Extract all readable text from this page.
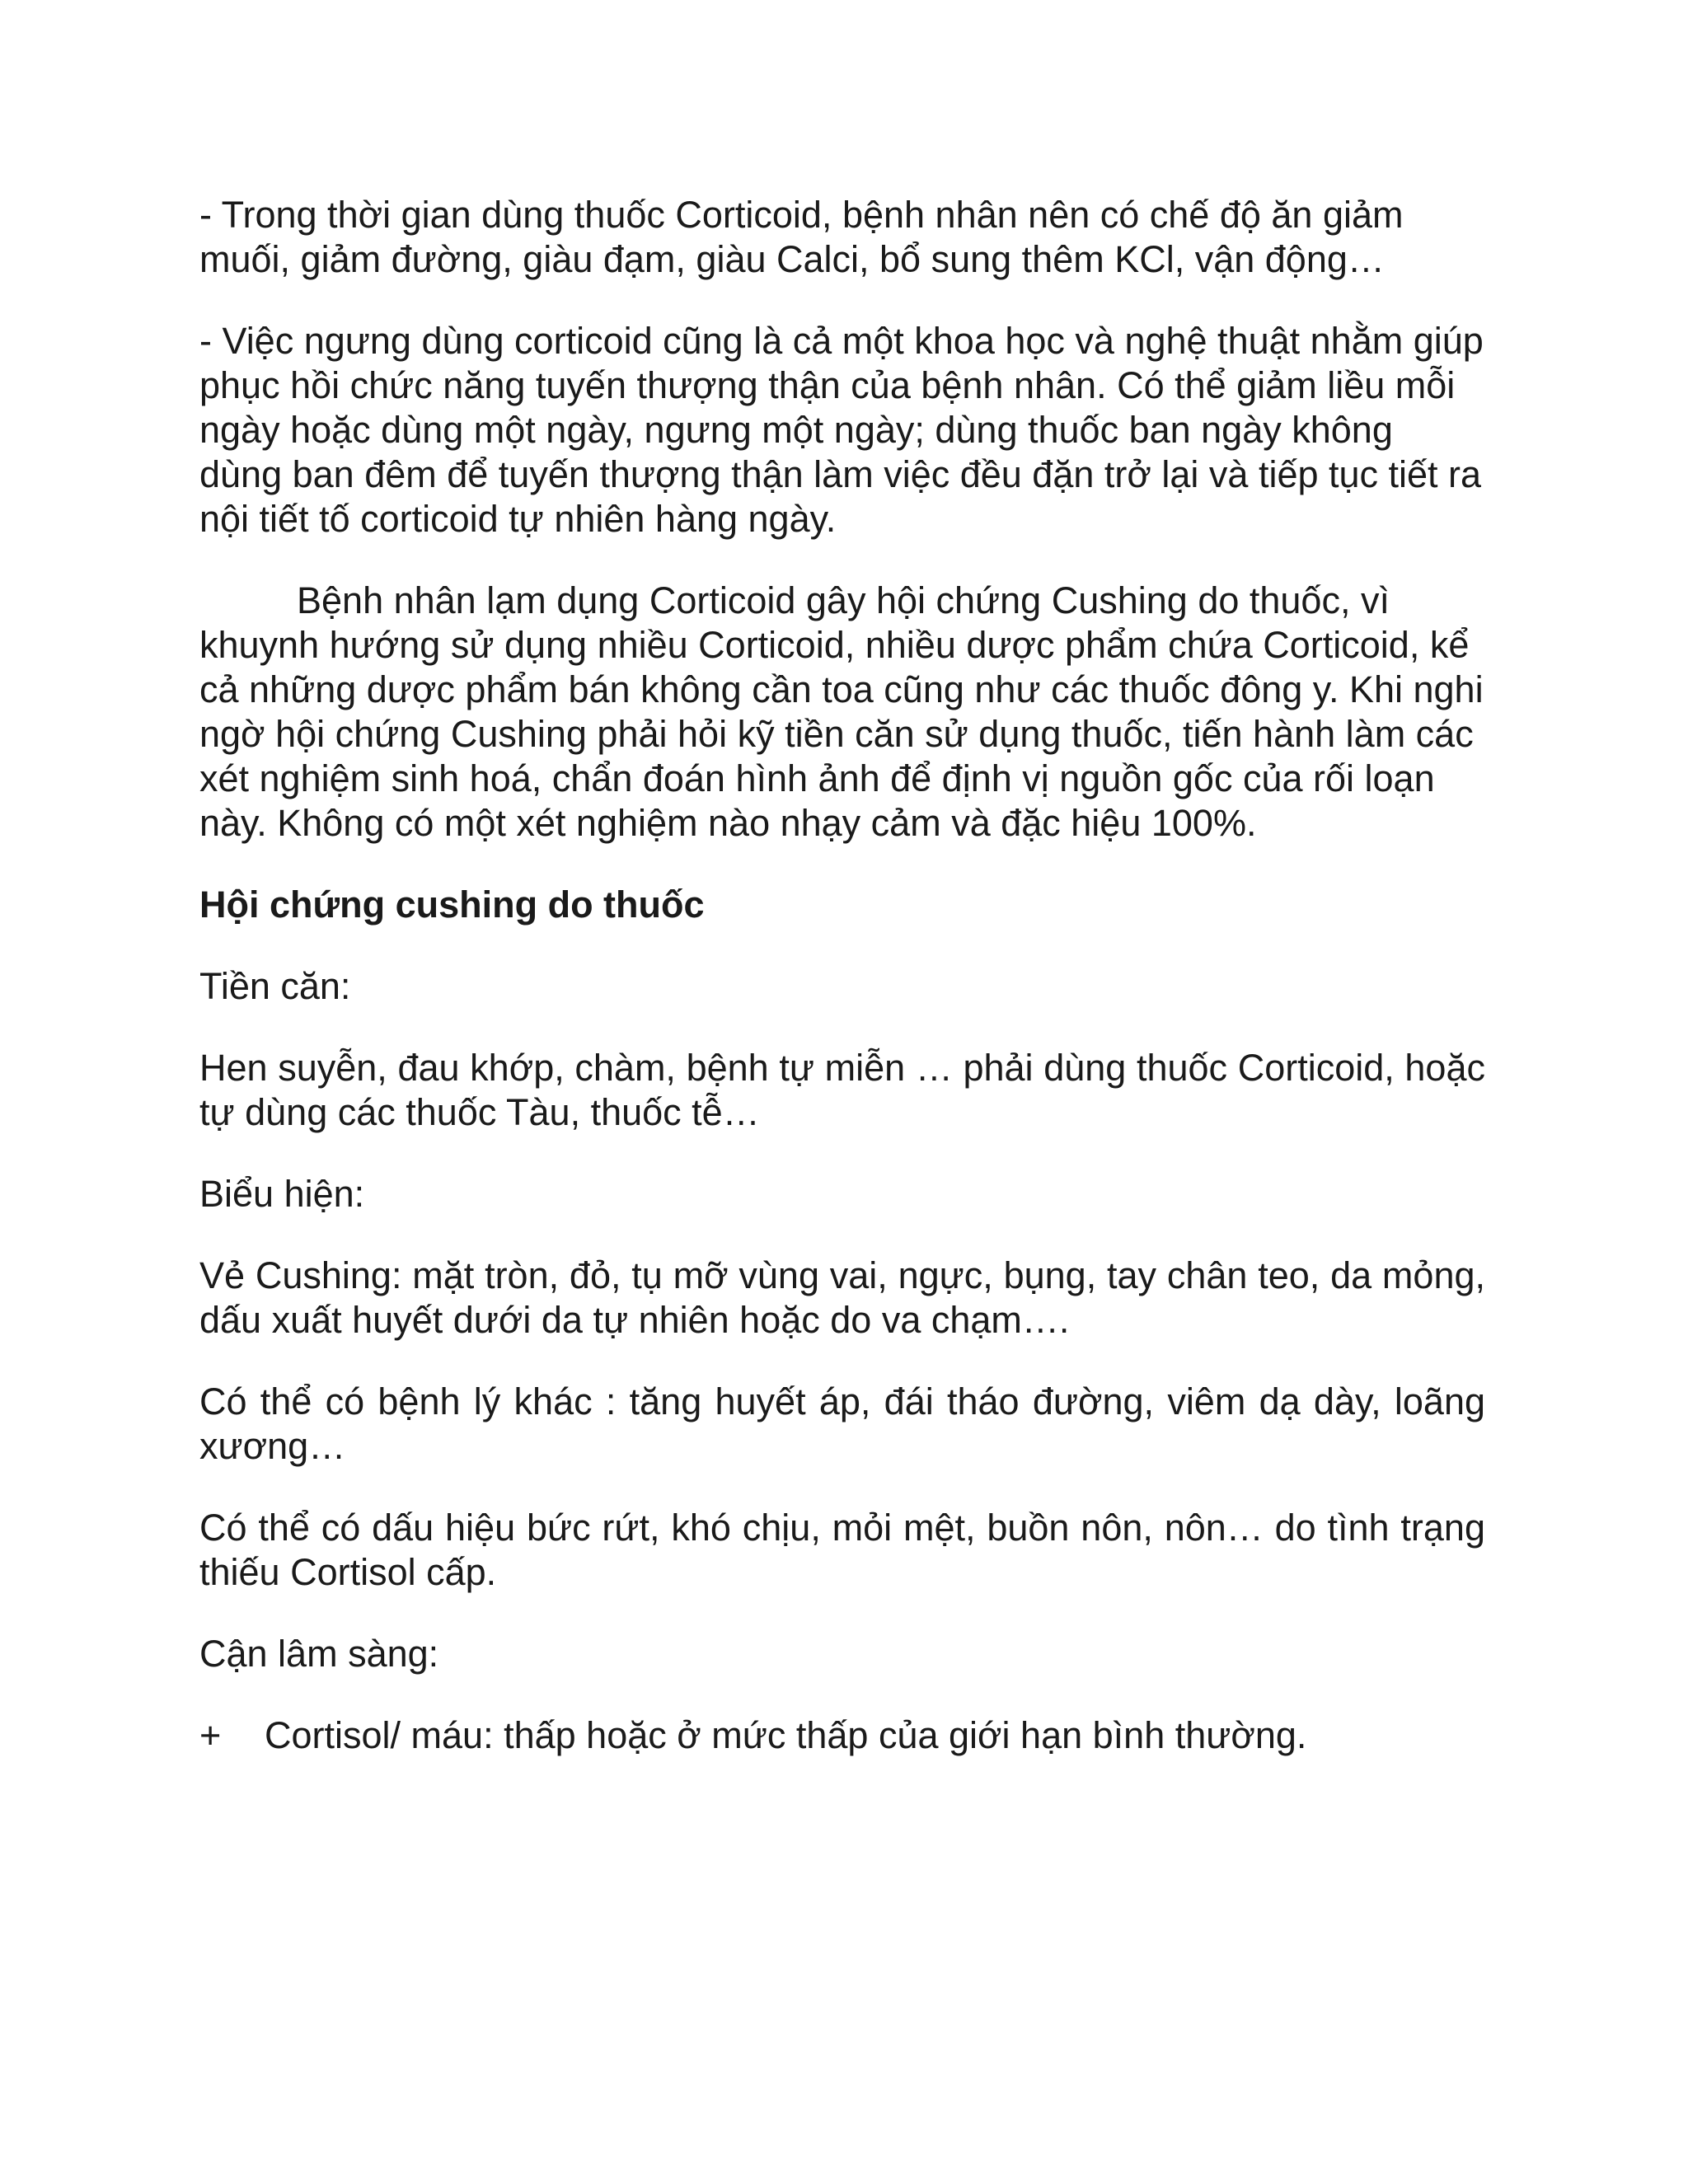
- Trong thời gian dùng thuốc Corticoid, bệnh nhân nên có chế độ ăn giảm muối, giảm đường, giàu đạm, giàu Calci, bổ sung thêm KCl, vận động…

- Việc ngưng dùng corticoid cũng là cả một khoa học và nghệ thuật nhằm giúp phục hồi chức năng tuyến thượng thận của bệnh nhân. Có thể giảm liều mỗi ngày hoặc dùng một ngày, ngưng một ngày; dùng thuốc ban ngày không dùng ban đêm để tuyến thượng thận làm việc đều đặn trở lại và tiếp tục tiết ra nội tiết tố corticoid tự nhiên hàng ngày.

Bệnh nhân lạm dụng Corticoid gây hội chứng Cushing do thuốc, vì khuynh hướng sử dụng nhiều Corticoid, nhiều dược phẩm chứa Corticoid, kể cả những dược phẩm bán không cần toa cũng như các thuốc đông y. Khi nghi ngờ hội chứng Cushing phải hỏi kỹ tiền căn sử dụng thuốc, tiến hành làm các xét nghiệm sinh hoá, chẩn đoán hình ảnh để định vị nguồn gốc của rối loạn này. Không có một xét nghiệm nào nhạy cảm và đặc hiệu 100%.

Hội chứng cushing do thuốc

Tiền căn:

Hen suyễn, đau khớp, chàm, bệnh tự miễn … phải dùng thuốc Corticoid, hoặc tự dùng các thuốc Tàu, thuốc tễ…

Biểu hiện:

Vẻ Cushing: mặt tròn, đỏ, tụ mỡ vùng vai, ngực, bụng, tay chân teo, da mỏng, dấu xuất huyết dưới da tự nhiên hoặc do va chạm….

Có thể có bệnh lý khác : tăng huyết áp, đái tháo đường, viêm dạ dày, loãng xương…

Có thể có dấu hiệu bức rứt, khó chịu, mỏi mệt, buồn nôn, nôn… do tình trạng thiếu Cortisol cấp.

Cận lâm sàng:

+	Cortisol/ máu: thấp hoặc ở mức thấp của giới hạn bình thường.
